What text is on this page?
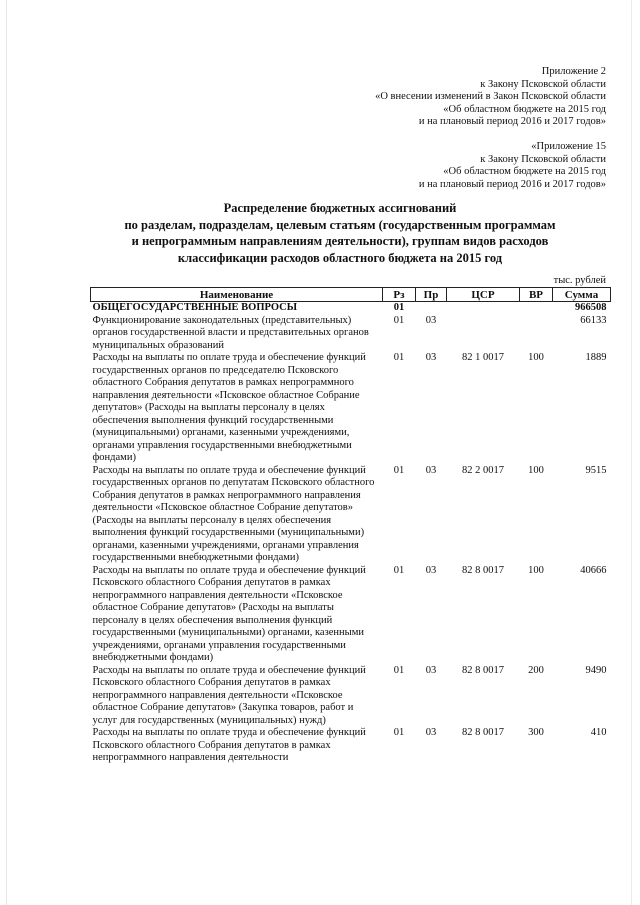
Приложение 2
к Закону Псковской области
«О внесении изменений в Закон Псковской области
«Об областном бюджете на 2015 год
и на плановый период 2016 и 2017 годов»
«Приложение 15
к Закону Псковской области
«Об областном бюджете на 2015 год
и на плановый период 2016 и 2017 годов»
Распределение бюджетных ассигнований
по разделам, подразделам, целевым статьям (государственным программам
и непрограммным направлениям деятельности), группам видов расходов
классификации расходов областного бюджета на 2015 год
тыс. рублей
Наименование	Рз	Пр	ЦСР	ВР	Сумма
ОБЩЕГОСУДАРСТВЕННЫЕ ВОПРОСЫ	01				966508
Функционирование законодательных (представительных) органов государственной власти и представительных органов муниципальных образований	01	03			66133
Расходы на выплаты по оплате труда и обеспечение функций государственных органов по председателю Псковского областного Собрания депутатов в рамках непрограммного направления деятельности «Псковское областное Собрание депутатов» (Расходы на выплаты персоналу в целях обеспечения выполнения функций государственными (муниципальными) органами, казенными учреждениями, органами управления государственными внебюджетными фондами)	01	03	82 1 0017	100	1889
Расходы на выплаты по оплате труда и обеспечение функций государственных органов по депутатам Псковского областного Собрания депутатов в рамках непрограммного направления деятельности «Псковское областное Собрание депутатов» (Расходы на выплаты персоналу в целях обеспечения выполнения функций государственными (муниципальными) органами, казенными учреждениями, органами управления государственными внебюджетными фондами)	01	03	82 2 0017	100	9515
Расходы на выплаты по оплате труда и обеспечение функций Псковского областного Собрания депутатов в рамках непрограммного направления деятельности «Псковское областное Собрание депутатов» (Расходы на выплаты персоналу в целях обеспечения выполнения функций государственными (муниципальными) органами, казенными учреждениями, органами управления государственными внебюджетными фондами)	01	03	82 8 0017	100	40666
Расходы на выплаты по оплате труда и обеспечение функций Псковского областного Собрания депутатов в рамках непрограммного направления деятельности «Псковское областное Собрание депутатов» (Закупка товаров, работ и услуг для государственных (муниципальных) нужд)	01	03	82 8 0017	200	9490
Расходы на выплаты по оплате труда и обеспечение функций Псковского областного Собрания депутатов в рамках непрограммного направления деятельности	01	03	82 8 0017	300	410
